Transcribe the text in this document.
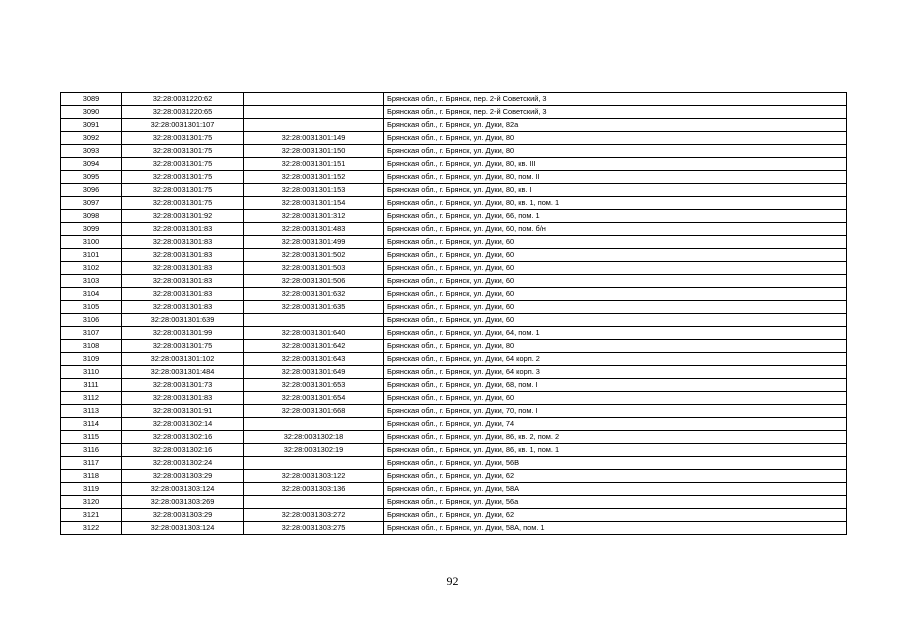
3089	32:28:0031220:62		Брянская обл., г. Брянск, пер. 2-й Советский, 3
3090	32:28:0031220:65		Брянская обл., г. Брянск, пер. 2-й Советский, 3
3091	32:28:0031301:107		Брянская обл., г. Брянск, ул. Дуки, 82а
3092	32:28:0031301:75	32:28:0031301:149	Брянская обл., г. Брянск, ул. Дуки, 80
3093	32:28:0031301:75	32:28:0031301:150	Брянская обл., г. Брянск, ул. Дуки, 80
3094	32:28:0031301:75	32:28:0031301:151	Брянская обл., г. Брянск, ул. Дуки, 80, кв. III
3095	32:28:0031301:75	32:28:0031301:152	Брянская обл., г. Брянск, ул. Дуки, 80, пом. II
3096	32:28:0031301:75	32:28:0031301:153	Брянская обл., г. Брянск, ул. Дуки, 80, кв. I
3097	32:28:0031301:75	32:28:0031301:154	Брянская обл., г. Брянск, ул. Дуки, 80, кв. 1, пом. 1
3098	32:28:0031301:92	32:28:0031301:312	Брянская обл., г. Брянск, ул. Дуки, 66, пом. 1
3099	32:28:0031301:83	32:28:0031301:483	Брянская обл., г. Брянск, ул. Дуки, 60, пом. б/н
3100	32:28:0031301:83	32:28:0031301:499	Брянская обл., г. Брянск, ул. Дуки, 60
3101	32:28:0031301:83	32:28:0031301:502	Брянская обл., г. Брянск, ул. Дуки, 60
3102	32:28:0031301:83	32:28:0031301:503	Брянская обл., г. Брянск, ул. Дуки, 60
3103	32:28:0031301:83	32:28:0031301:506	Брянская обл., г. Брянск, ул. Дуки, 60
3104	32:28:0031301:83	32:28:0031301:632	Брянская обл., г. Брянск, ул. Дуки, 60
3105	32:28:0031301:83	32:28:0031301:635	Брянская обл., г. Брянск, ул. Дуки, 60
3106	32:28:0031301:639		Брянская обл., г. Брянск, ул. Дуки, 60
3107	32:28:0031301:99	32:28:0031301:640	Брянская обл., г. Брянск, ул. Дуки, 64, пом. 1
3108	32:28:0031301:75	32:28:0031301:642	Брянская обл., г. Брянск, ул. Дуки, 80
3109	32:28:0031301:102	32:28:0031301:643	Брянская обл., г. Брянск, ул. Дуки, 64 корп. 2
3110	32:28:0031301:484	32:28:0031301:649	Брянская обл., г. Брянск, ул. Дуки, 64 корп. 3
3111	32:28:0031301:73	32:28:0031301:653	Брянская обл., г. Брянск, ул. Дуки, 68, пом. I
3112	32:28:0031301:83	32:28:0031301:654	Брянская обл., г. Брянск, ул. Дуки, 60
3113	32:28:0031301:91	32:28:0031301:668	Брянская обл., г. Брянск, ул. Дуки, 70, пом. I
3114	32:28:0031302:14		Брянская обл., г. Брянск, ул. Дуки, 74
3115	32:28:0031302:16	32:28:0031302:18	Брянская обл., г. Брянск, ул. Дуки, 86, кв. 2, пом. 2
3116	32:28:0031302:16	32:28:0031302:19	Брянская обл., г. Брянск, ул. Дуки, 86, кв. 1, пом. 1
3117	32:28:0031302:24		Брянская обл., г. Брянск, ул. Дуки, 56В
3118	32:28:0031303:29	32:28:0031303:122	Брянская обл., г. Брянск, ул. Дуки, 62
3119	32:28:0031303:124	32:28:0031303:136	Брянская обл., г. Брянск, ул. Дуки, 58А
3120	32:28:0031303:269		Брянская обл., г. Брянск, ул. Дуки, 56а
3121	32:28:0031303:29	32:28:0031303:272	Брянская обл., г. Брянск, ул. Дуки, 62
3122	32:28:0031303:124	32:28:0031303:275	Брянская обл., г. Брянск, ул. Дуки, 58А, пом. 1
92
